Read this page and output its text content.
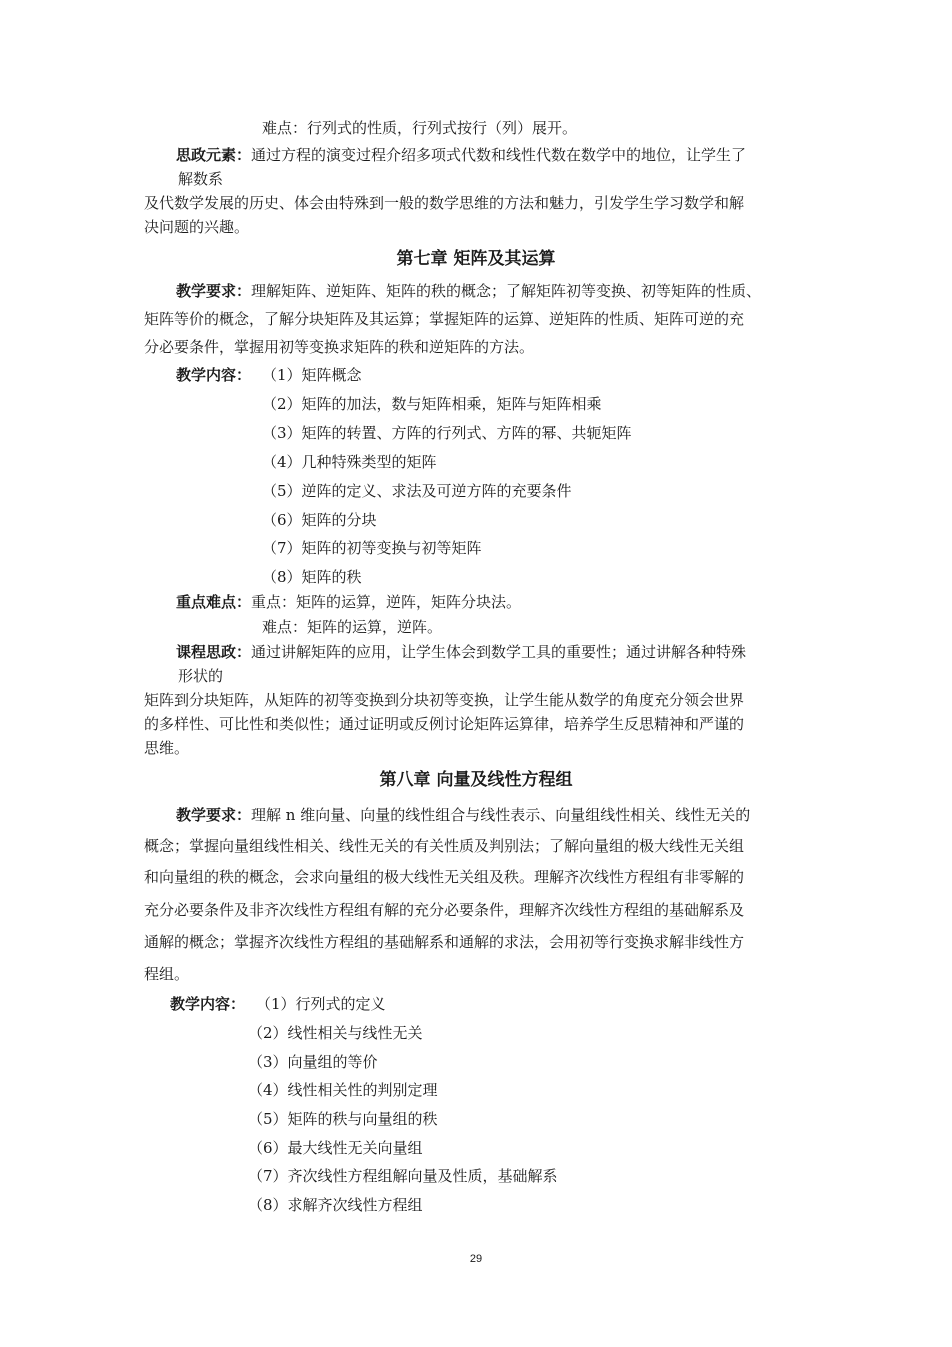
难点：行列式的性质，行列式按行（列）展开。
思政元素：通过方程的演变过程介绍多项式代数和线性代数在数学中的地位，让学生了
解数系
及代数学发展的历史、体会由特殊到一般的数学思维的方法和魅力，引发学生学习数学和解
决问题的兴趣。
第七章 矩阵及其运算
教学要求：理解矩阵、逆矩阵、矩阵的秩的概念；了解矩阵初等变换、初等矩阵的性质、
矩阵等价的概念，了解分块矩阵及其运算；掌握矩阵的运算、逆矩阵的性质、矩阵可逆的充
分必要条件，掌握用初等变换求矩阵的秩和逆矩阵的方法。
教学内容： （1）矩阵概念
（2）矩阵的加法，数与矩阵相乘，矩阵与矩阵相乘
（3）矩阵的转置、方阵的行列式、方阵的幂、共轭矩阵
（4）几种特殊类型的矩阵
（5）逆阵的定义、求法及可逆方阵的充要条件
（6）矩阵的分块
（7）矩阵的初等变换与初等矩阵
（8）矩阵的秩
重点难点：重点：矩阵的运算，逆阵，矩阵分块法。
难点：矩阵的运算，逆阵。
课程思政：通过讲解矩阵的应用，让学生体会到数学工具的重要性；通过讲解各种特殊
形状的
矩阵到分块矩阵，从矩阵的初等变换到分块初等变换，让学生能从数学的角度充分领会世界
的多样性、可比性和类似性；通过证明或反例讨论矩阵运算律，培养学生反思精神和严谨的
思维。
第八章 向量及线性方程组
教学要求：理解 n 维向量、向量的线性组合与线性表示、向量组线性相关、线性无关的
概念；掌握向量组线性相关、线性无关的有关性质及判别法；了解向量组的极大线性无关组
和向量组的秩的概念，会求向量组的极大线性无关组及秩。理解齐次线性方程组有非零解的
充分必要条件及非齐次线性方程组有解的充分必要条件，理解齐次线性方程组的基础解系及
通解的概念；掌握齐次线性方程组的基础解系和通解的求法，会用初等行变换求解非线性方
程组。
教学内容： （1）行列式的定义
（2）线性相关与线性无关
（3）向量组的等价
（4）线性相关性的判别定理
（5）矩阵的秩与向量组的秩
（6）最大线性无关向量组
（7）齐次线性方程组解向量及性质，基础解系
（8）求解齐次线性方程组
29
